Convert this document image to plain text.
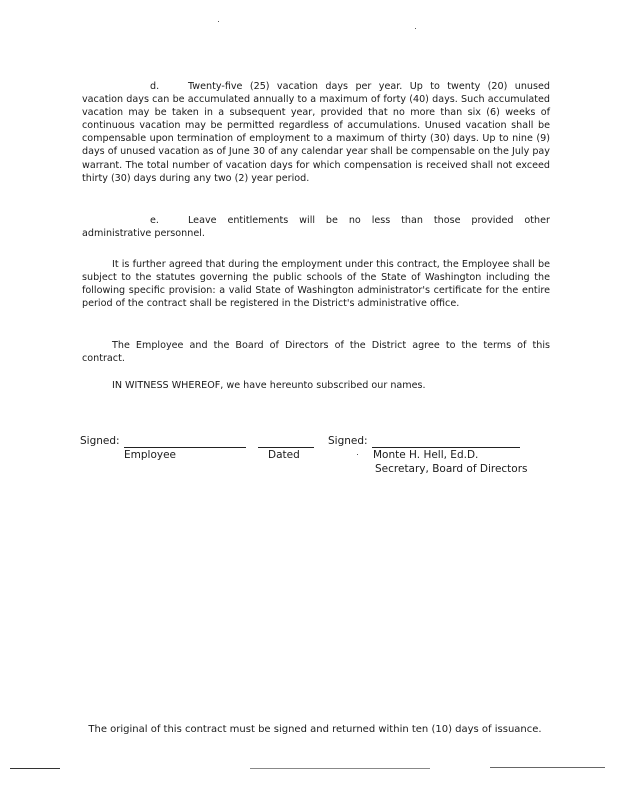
d.	Twenty-five (25) vacation days per year. Up to twenty (20) unused vacation days can be accumulated annually to a maximum of forty (40) days. Such accumulated vacation may be taken in a subsequent year, provided that no more than six (6) weeks of continuous vacation may be permitted regardless of accumulations. Unused vacation shall be compensable upon termination of employment to a maximum of thirty (30) days. Up to nine (9) days of unused vacation as of June 30 of any calendar year shall be compensable on the July pay warrant. The total number of vacation days for which compensation is received shall not exceed thirty (30) days during any two (2) year period.

e.	Leave entitlements will be no less than those provided other administrative personnel.

It is further agreed that during the employment under this contract, the Employee shall be subject to the statutes governing the public schools of the State of Washington including the following specific provision: a valid State of Washington administrator's certificate for the entire period of the contract shall be registered in the District's administrative office.

The Employee and the Board of Directors of the District agree to the terms of this contract.

IN WITNESS WHEREOF, we have hereunto subscribed our names.

Signed:	Signed:
Employee	Dated	Monte H. Hell, Ed.D.
Secretary, Board of Directors
The original of this contract must be signed and returned within ten (10) days of issuance.
